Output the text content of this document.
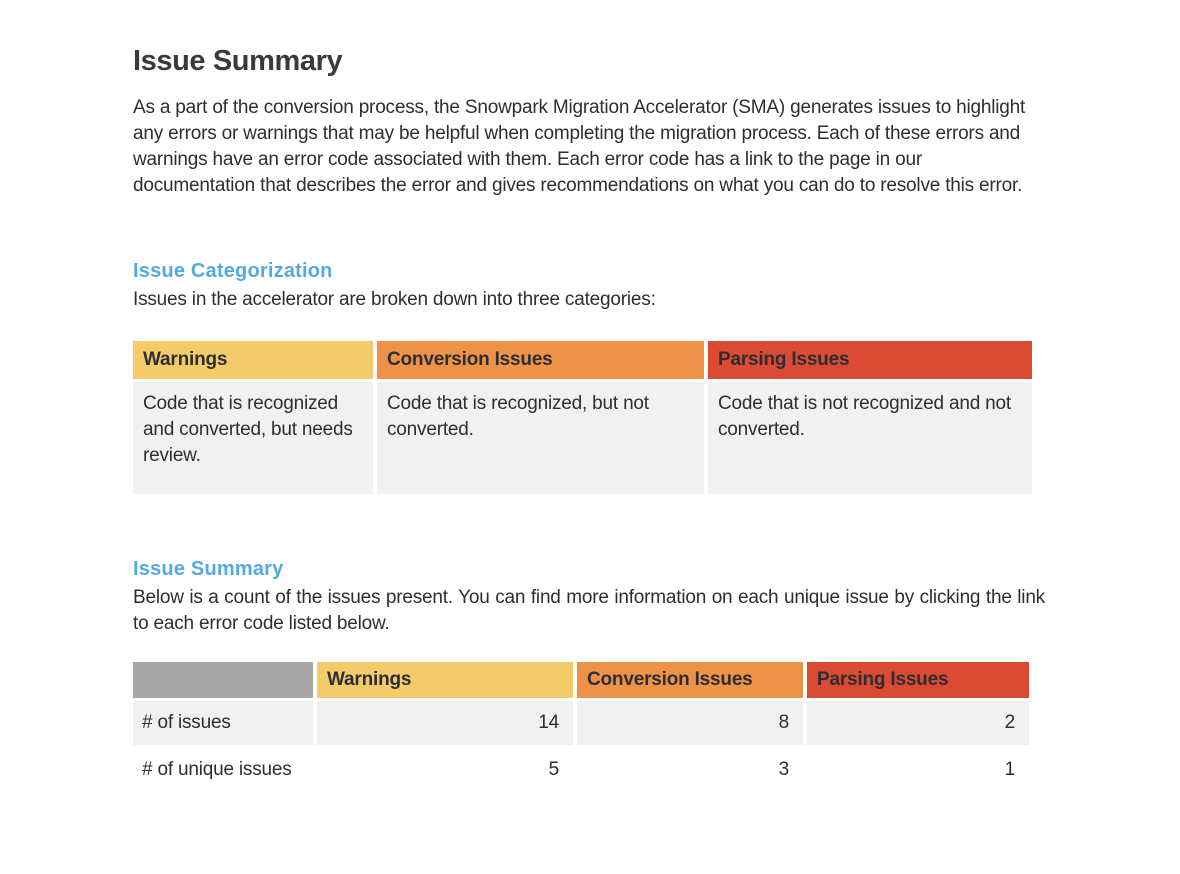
Issue Summary

As a part of the conversion process, the Snowpark Migration Accelerator (SMA) generates issues to highlight any errors or warnings that may be helpful when completing the migration process. Each of these errors and warnings have an error code associated with them. Each error code has a link to the page in our documentation that describes the error and gives recommendations on what you can do to resolve this error.

Issue Categorization

Issues in the accelerator are broken down into three categories:

Warnings	Conversion Issues	Parsing Issues
Code that is recognized and converted, but needs review.	Code that is recognized, but not converted.	Code that is not recognized and not converted.
Issue Summary

Below is a count of the issues present. You can find more information on each unique issue by clicking the link to each error code listed below.

	Warnings	Conversion Issues	Parsing Issues
# of issues	14	8	2
# of unique issues	5	3	1
